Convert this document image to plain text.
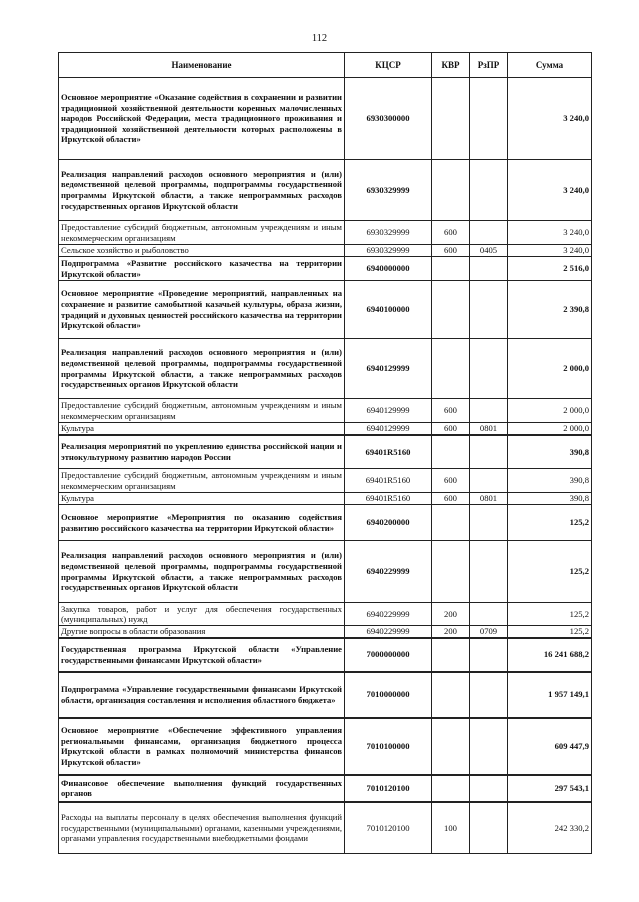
112
Наименование	КЦСР	КВР	РзПР	Сумма
Основное мероприятие «Оказание содействия в сохранении и развитии традиционной хозяйственной деятельности коренных малочисленных народов Российской Федерации, места традиционного проживания и традиционной хозяйственной деятельности которых расположены в Иркутской области»	6930300000			3 240,0
Реализация направлений расходов основного мероприятия и (или) ведомственной целевой программы, подпрограммы государственной программы Иркутской области, а также непрограммных расходов государственных органов Иркутской области	6930329999			3 240,0
Предоставление субсидий бюджетным, автономным учреждениям и иным некоммерческим организациям	6930329999	600		3 240,0
Сельское хозяйство и рыболовство	6930329999	600	0405	3 240,0
Подпрограмма «Развитие российского казачества на территории Иркутской области»	6940000000			2 516,0
Основное мероприятие «Проведение мероприятий, направленных на сохранение и развитие самобытной казачьей культуры, образа жизни, традиций и духовных ценностей российского казачества на территории Иркутской области»	6940100000			2 390,8
Реализация направлений расходов основного мероприятия и (или) ведомственной целевой программы, подпрограммы государственной программы Иркутской области, а также непрограммных расходов государственных органов Иркутской области	6940129999			2 000,0
Предоставление субсидий бюджетным, автономным учреждениям и иным некоммерческим организациям	6940129999	600		2 000,0
Культура	6940129999	600	0801	2 000,0
Реализация мероприятий по укреплению единства российской нации и этнокультурному развитию народов России	69401R5160			390,8
Предоставление субсидий бюджетным, автономным учреждениям и иным некоммерческим организациям	69401R5160	600		390,8
Культура	69401R5160	600	0801	390,8
Основное мероприятие «Мероприятия по оказанию содействия развитию российского казачества на территории Иркутской области»	6940200000			125,2
Реализация направлений расходов основного мероприятия и (или) ведомственной целевой программы, подпрограммы государственной программы Иркутской области, а также непрограммных расходов государственных органов Иркутской области	6940229999			125,2
Закупка товаров, работ и услуг для обеспечения государственных (муниципальных) нужд	6940229999	200		125,2
Другие вопросы в области образования	6940229999	200	0709	125,2
Государственная программа Иркутской области «Управление государственными финансами Иркутской области»	7000000000			16 241 688,2
Подпрограмма «Управление государственными финансами Иркутской области, организация составления и исполнения областного бюджета»	7010000000			1 957 149,1
Основное мероприятие «Обеспечение эффективного управления региональными финансами, организация бюджетного процесса Иркутской области в рамках полномочий министерства финансов Иркутской области»	7010100000			609 447,9
Финансовое обеспечение выполнения функций государственных органов	7010120100			297 543,1
Расходы на выплаты персоналу в целях обеспечения выполнения функций государственными (муниципальными) органами, казенными учреждениями, органами управления государственными внебюджетными фондами	7010120100	100		242 330,2
